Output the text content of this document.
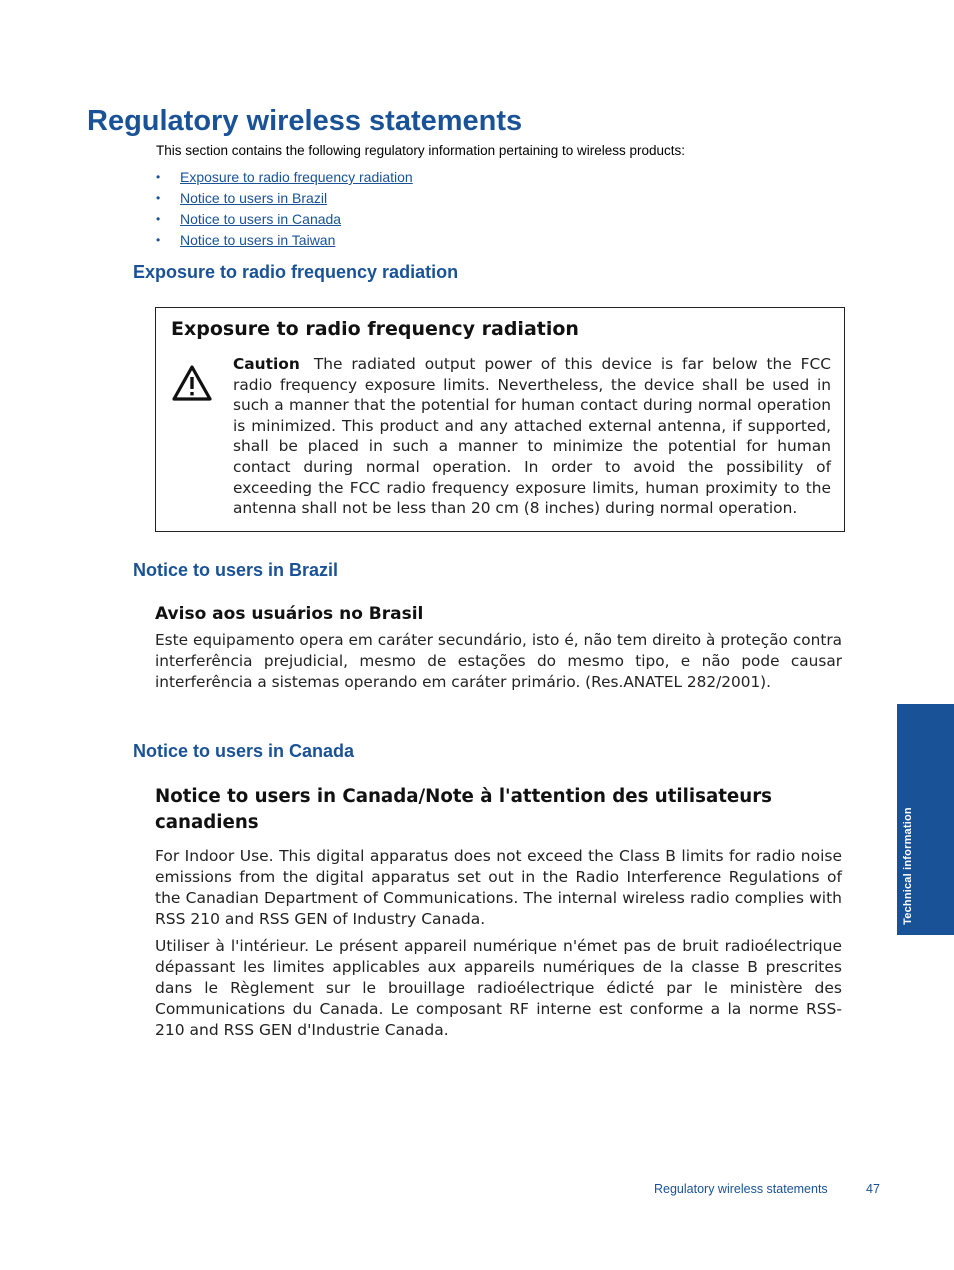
Regulatory wireless statements

This section contains the following regulatory information pertaining to wireless products:

• Exposure to radio frequency radiation
• Notice to users in Brazil
• Notice to users in Canada
• Notice to users in Taiwan
Exposure to radio frequency radiation

Exposure to radio frequency radiation

Caution The radiated output power of this device is far below the FCC radio frequency exposure limits. Nevertheless, the device shall be used in such a manner that the potential for human contact during normal operation is minimized. This product and any attached external antenna, if supported, shall be placed in such a manner to minimize the potential for human contact during normal operation. In order to avoid the possibility of exceeding the FCC radio frequency exposure limits, human proximity to the antenna shall not be less than 20 cm (8 inches) during normal operation.

Notice to users in Brazil

Aviso aos usuários no Brasil

Este equipamento opera em caráter secundário, isto é, não tem direito à proteção contra interferência prejudicial, mesmo de estações do mesmo tipo, e não pode causar interferência a sistemas operando em caráter primário. (Res.ANATEL 282/2001).

Notice to users in Canada

Notice to users in Canada/Note à l'attention des utilisateurs canadiens

For Indoor Use. This digital apparatus does not exceed the Class B limits for radio noise emissions from the digital apparatus set out in the Radio Interference Regulations of the Canadian Department of Communications. The internal wireless radio complies with RSS 210 and RSS GEN of Industry Canada.

Utiliser à l'intérieur. Le présent appareil numérique n'émet pas de bruit radioélectrique dépassant les limites applicables aux appareils numériques de la classe B prescrites dans le Règlement sur le brouillage radioélectrique édicté par le ministère des Communications du Canada. Le composant RF interne est conforme a la norme RSS-210 and RSS GEN d'Industrie Canada.

Technical information
Regulatory wireless statements	47
